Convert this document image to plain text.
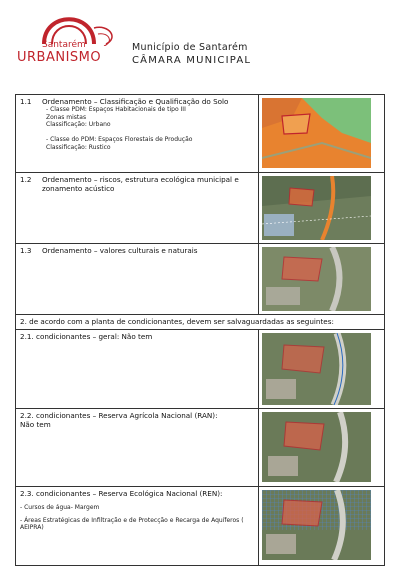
Santarém
URBANISMO
Município de Santarém
CÂMARA MUNICIPAL
1.1 Ordenamento – Classificação e Qualificação do Solo
- Classe PDM: Espaços Habitacionais de tipo III
Zonas mistas
Classificação: Urbano
- Classe do PDM: Espaços Florestais de Produção
Classificação: Rustico
1.2	Ordenamento – riscos, estrutura ecológica municipal e zonamento acústico
1.3 Ordenamento – valores culturais e naturais
2. de acordo com a planta de condicionantes, devem ser salvaguardadas as seguintes:
2.1. condicionantes – geral: Não tem
2.2. condicionantes – Reserva Agrícola Nacional (RAN):
Não tem
2.3. condicionantes – Reserva Ecológica Nacional (REN):
- Cursos de água- Margem
- Áreas Estratégicas de Infiltração e de Protecção e Recarga de Aquíferos ( AEIPRA)
